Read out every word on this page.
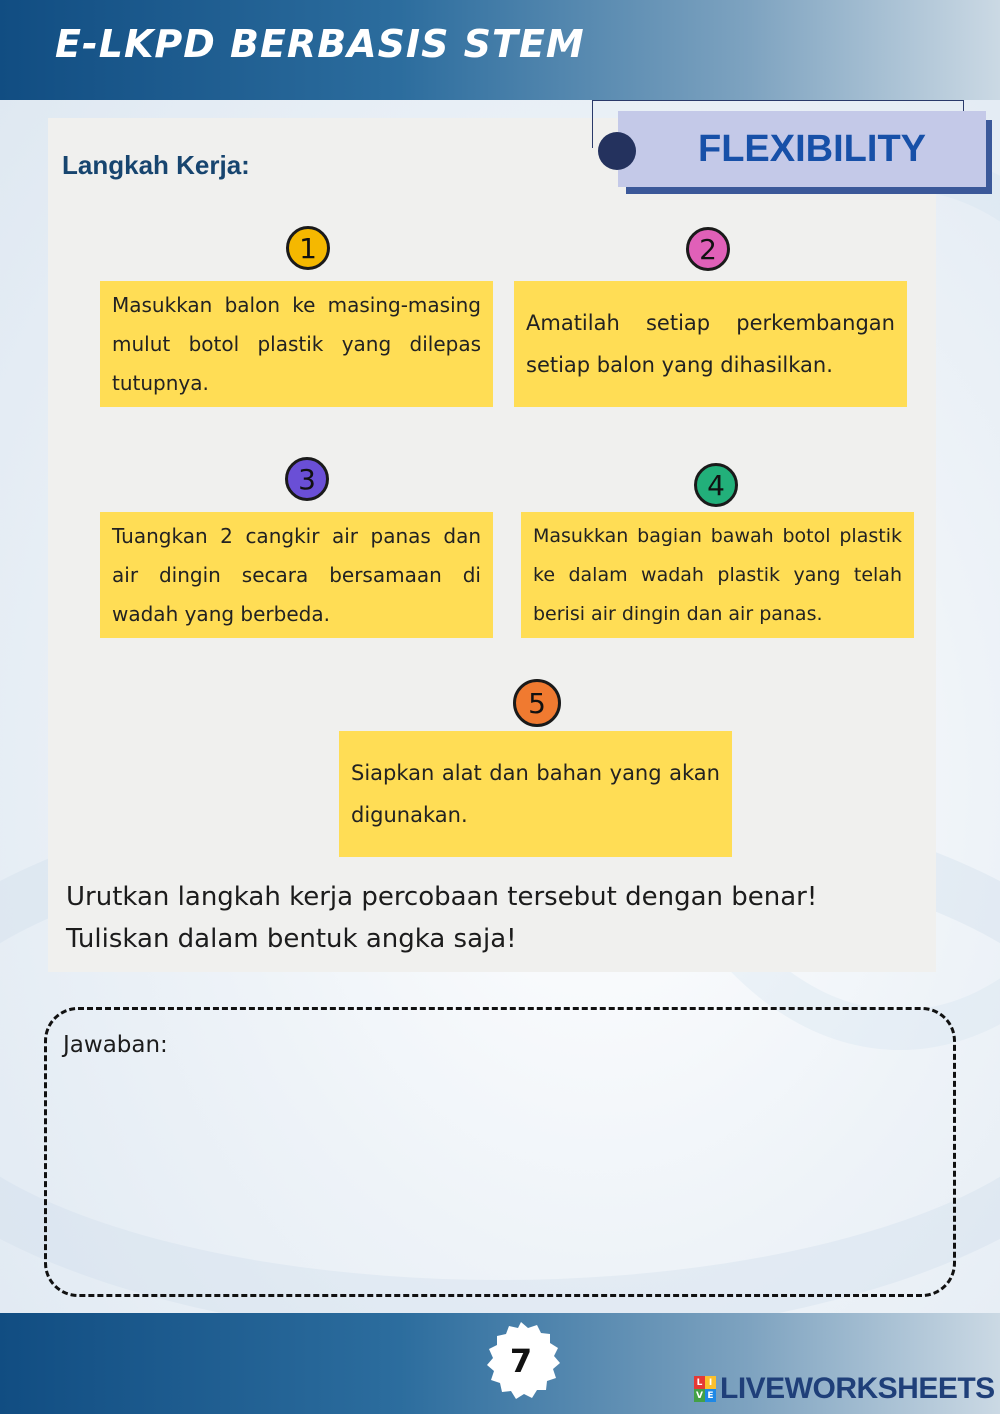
E-LKPD BERBASIS STEM
FLEXIBILITY
Langkah Kerja:
1
Masukkan balon ke masing-masing mulut botol plastik yang dilepas tutupnya.
2
Amatilah setiap perkembangan setiap balon yang dihasilkan.
3
Tuangkan 2 cangkir air panas dan air dingin secara bersamaan di wadah yang berbeda.
4
Masukkan bagian bawah botol plastik ke dalam wadah plastik yang telah berisi air dingin dan air panas.
5
Siapkan alat dan bahan yang akan digunakan.
Urutkan langkah kerja percobaan tersebut dengan benar!
Tuliskan dalam bentuk angka saja!
Jawaban:
7
L I
V E LIVEWORKSHEETS
